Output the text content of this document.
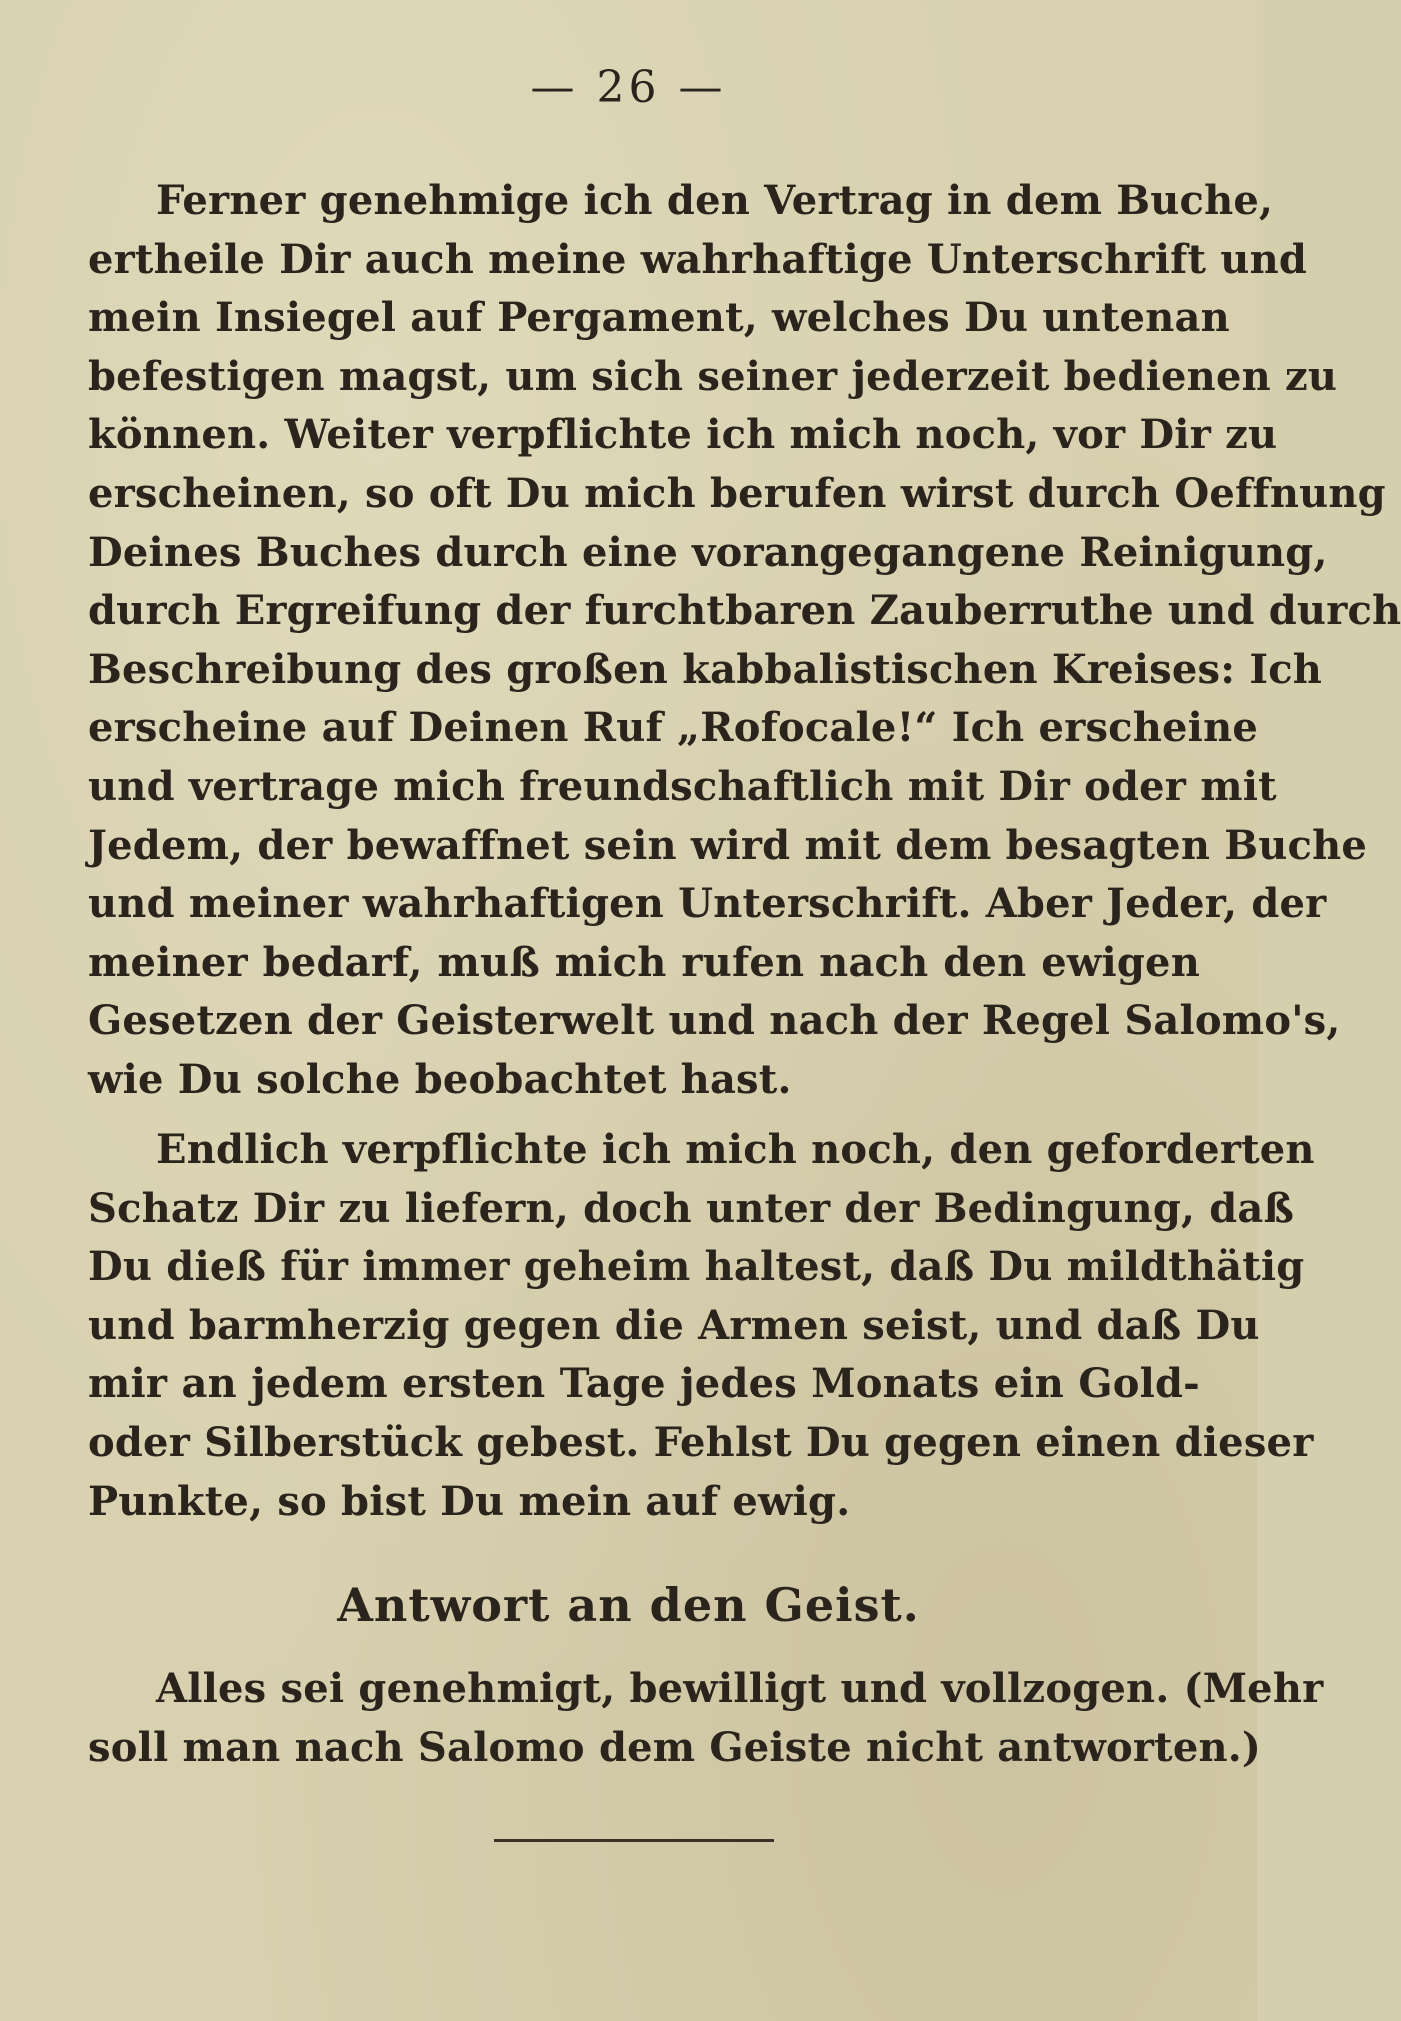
— 26 —
Ferner genehmige ich den Vertrag in dem Buche,
ertheile Dir auch meine wahrhaftige Unterschrift und
mein Insiegel auf Pergament, welches Du untenan
befestigen magst, um sich seiner jederzeit bedienen zu
können. Weiter verpflichte ich mich noch, vor Dir zu
erscheinen, so oft Du mich berufen wirst durch Oeffnung
Deines Buches durch eine vorangegangene Reinigung,
durch Ergreifung der furchtbaren Zauberruthe und durch
Beschreibung des großen kabbalistischen Kreises: Ich
erscheine auf Deinen Ruf „Rofocale!“ Ich erscheine
und vertrage mich freundschaftlich mit Dir oder mit
Jedem, der bewaffnet sein wird mit dem besagten Buche
und meiner wahrhaftigen Unterschrift. Aber Jeder, der
meiner bedarf, muß mich rufen nach den ewigen
Gesetzen der Geisterwelt und nach der Regel Salomo's,
wie Du solche beobachtet hast.
Endlich verpflichte ich mich noch, den geforderten
Schatz Dir zu liefern, doch unter der Bedingung, daß
Du dieß für immer geheim haltest, daß Du mildthätig
und barmherzig gegen die Armen seist, und daß Du
mir an jedem ersten Tage jedes Monats ein Gold-
oder Silberstück gebest. Fehlst Du gegen einen dieser
Punkte, so bist Du mein auf ewig.
Antwort an den Geist.
Alles sei genehmigt, bewilligt und vollzogen. (Mehr
soll man nach Salomo dem Geiste nicht antworten.)
